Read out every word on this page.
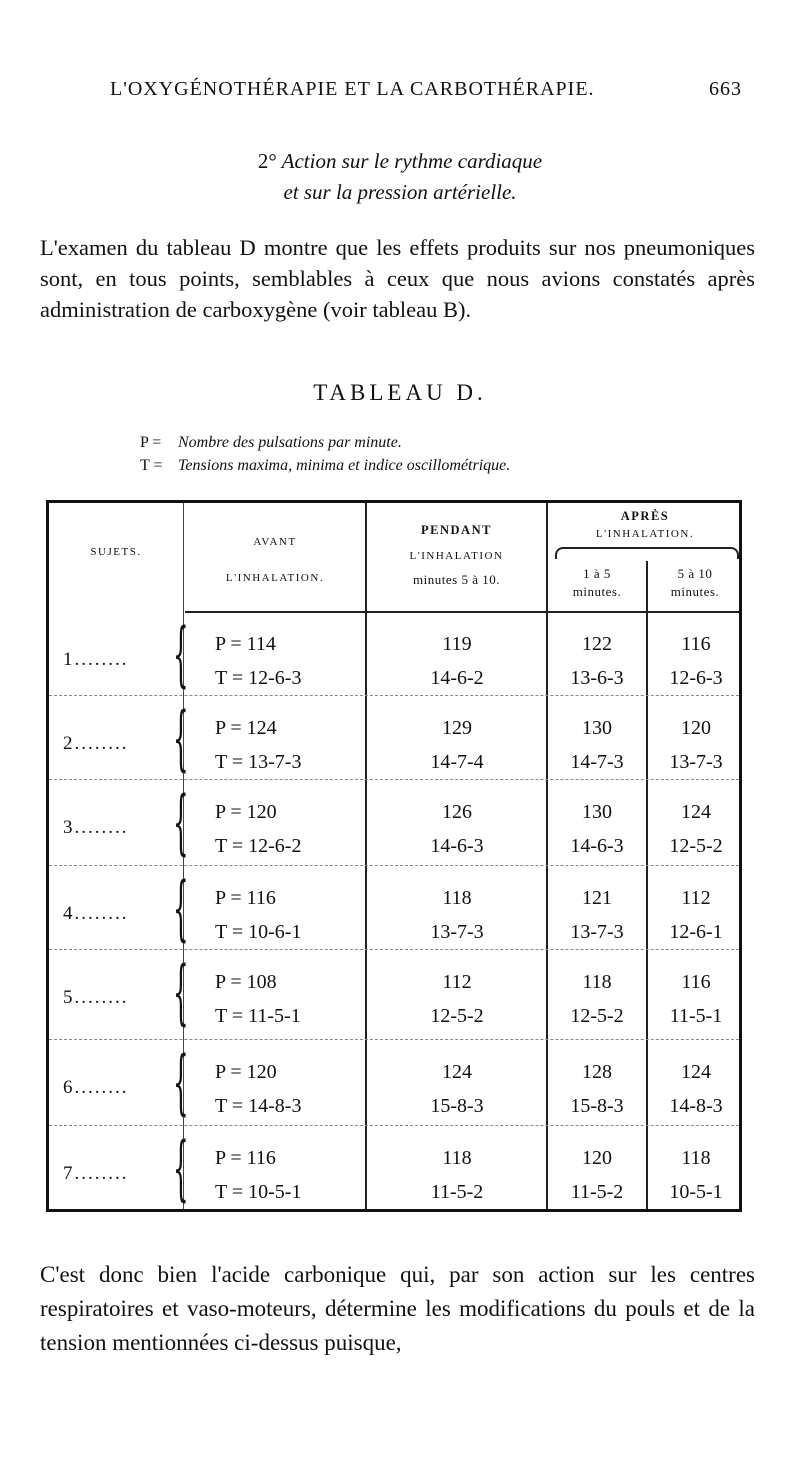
L'OXYGÉNOTHÉRAPIE ET LA CARBOTHÉRAPIE.	663
2° Action sur le rythme cardiaque
et sur la pression artérielle.
L'examen du tableau D montre que les effets produits sur nos pneumoniques sont, en tous points, semblables à ceux que nous avions constatés après administration de carboxygène (voir tableau B).
TABLEAU D.
P = Nombre des pulsations par minute.
T = Tensions maxima, minima et indice oscillométrique.
SUJETS.
AVANT
L'INHALATION.
PENDANT
L'INHALATION
minutes 5 à 10.
APRÈS
L'INHALATION.
1 à 5
minutes.
5 à 10
minutes.
1........ { P = 114
T = 12-6-3
119
14-6-2
122
13-6-3
116
12-6-3
2........ { P = 124
T = 13-7-3
129
14-7-4
130
14-7-3
120
13-7-3
3........ { P = 120
T = 12-6-2
126
14-6-3
130
14-6-3
124
12-5-2
4........ { P = 116
T = 10-6-1
118
13-7-3
121
13-7-3
112
12-6-1
5........ { P = 108
T = 11-5-1
112
12-5-2
118
12-5-2
116
11-5-1
6........ { P = 120
T = 14-8-3
124
15-8-3
128
15-8-3
124
14-8-3
7........ { P = 116
T = 10-5-1
118
11-5-2
120
11-5-2
118
10-5-1
C'est donc bien l'acide carbonique qui, par son action sur les centres respiratoires et vaso-moteurs, détermine les modifications du pouls et de la tension mentionnées ci-dessus puisque,
